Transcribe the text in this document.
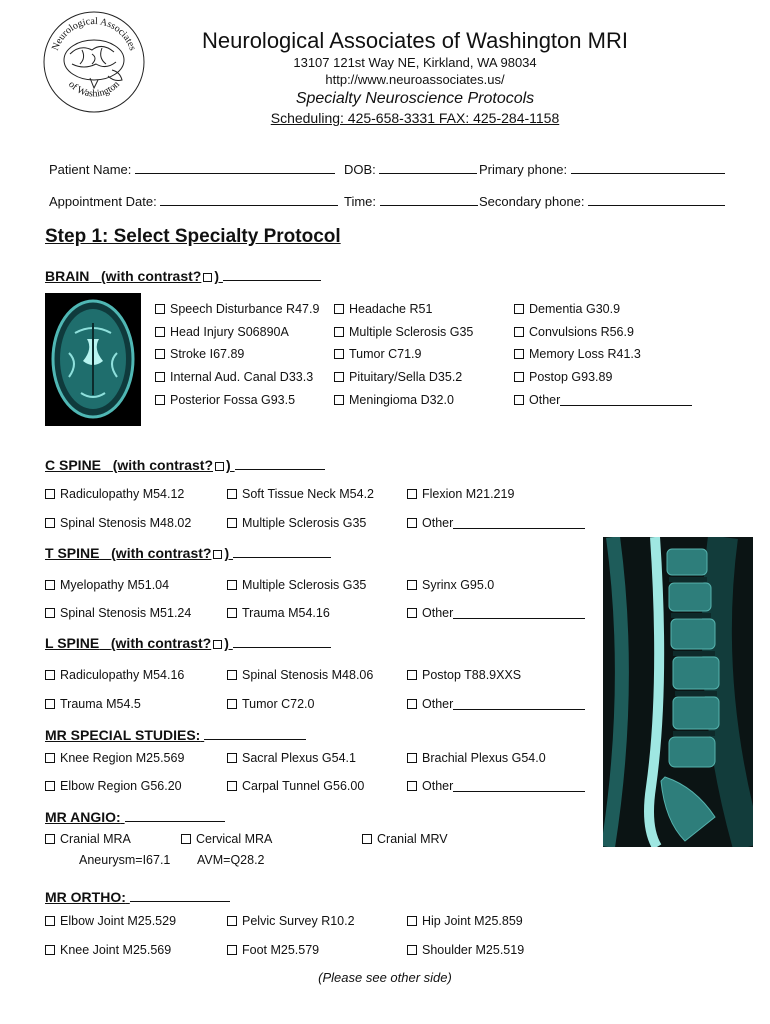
Neurological Associates
of Washington
Neurological Associates of Washington MRI
13107 121st Way NE, Kirkland, WA 98034
http://www.neuroassociates.us/
Specialty Neuroscience Protocols
Scheduling: 425-658-3331 FAX: 425-284-1158
Patient Name:	DOB:	Primary phone:
Appointment Date:	Time:	Secondary phone:
Step 1: Select Specialty Protocol
BRAIN (with contrast? )
Speech Disturbance R47.9 Headache R51	Dementia G30.9
Head Injury S06890A	Multiple Sclerosis G35	Convulsions R56.9
Stroke I67.89	Tumor C71.9	Memory Loss R41.3
Internal Aud. Canal D33.3	Pituitary/Sella D35.2	Postop G93.89
Posterior Fossa G93.5	Meningioma D32.0	Other
C SPINE (with contrast? )
Radiculopathy M54.12	Soft Tissue Neck M54.2	Flexion M21.219
Spinal Stenosis M48.02	Multiple Sclerosis G35	Other
T SPINE (with contrast? )
Myelopathy M51.04	Multiple Sclerosis G35	Syrinx G95.0
Spinal Stenosis M51.24	Trauma M54.16	Other
L SPINE (with contrast? )
Radiculopathy M54.16	Spinal Stenosis M48.06	Postop T88.9XXS
Trauma M54.5	Tumor C72.0	Other
MR SPECIAL STUDIES:
Knee Region M25.569	Sacral Plexus G54.1	Brachial Plexus G54.0
Elbow Region G56.20	Carpal Tunnel G56.00	Other
MR ANGIO:
Cranial MRA	Cervical MRA	Cranial MRV
Aneurysm=I67.1 AVM=Q28.2
MR ORTHO:
Elbow Joint M25.529	Pelvic Survey R10.2	Hip Joint M25.859
Knee Joint M25.569	Foot M25.579	Shoulder M25.519
(Please see other side)
